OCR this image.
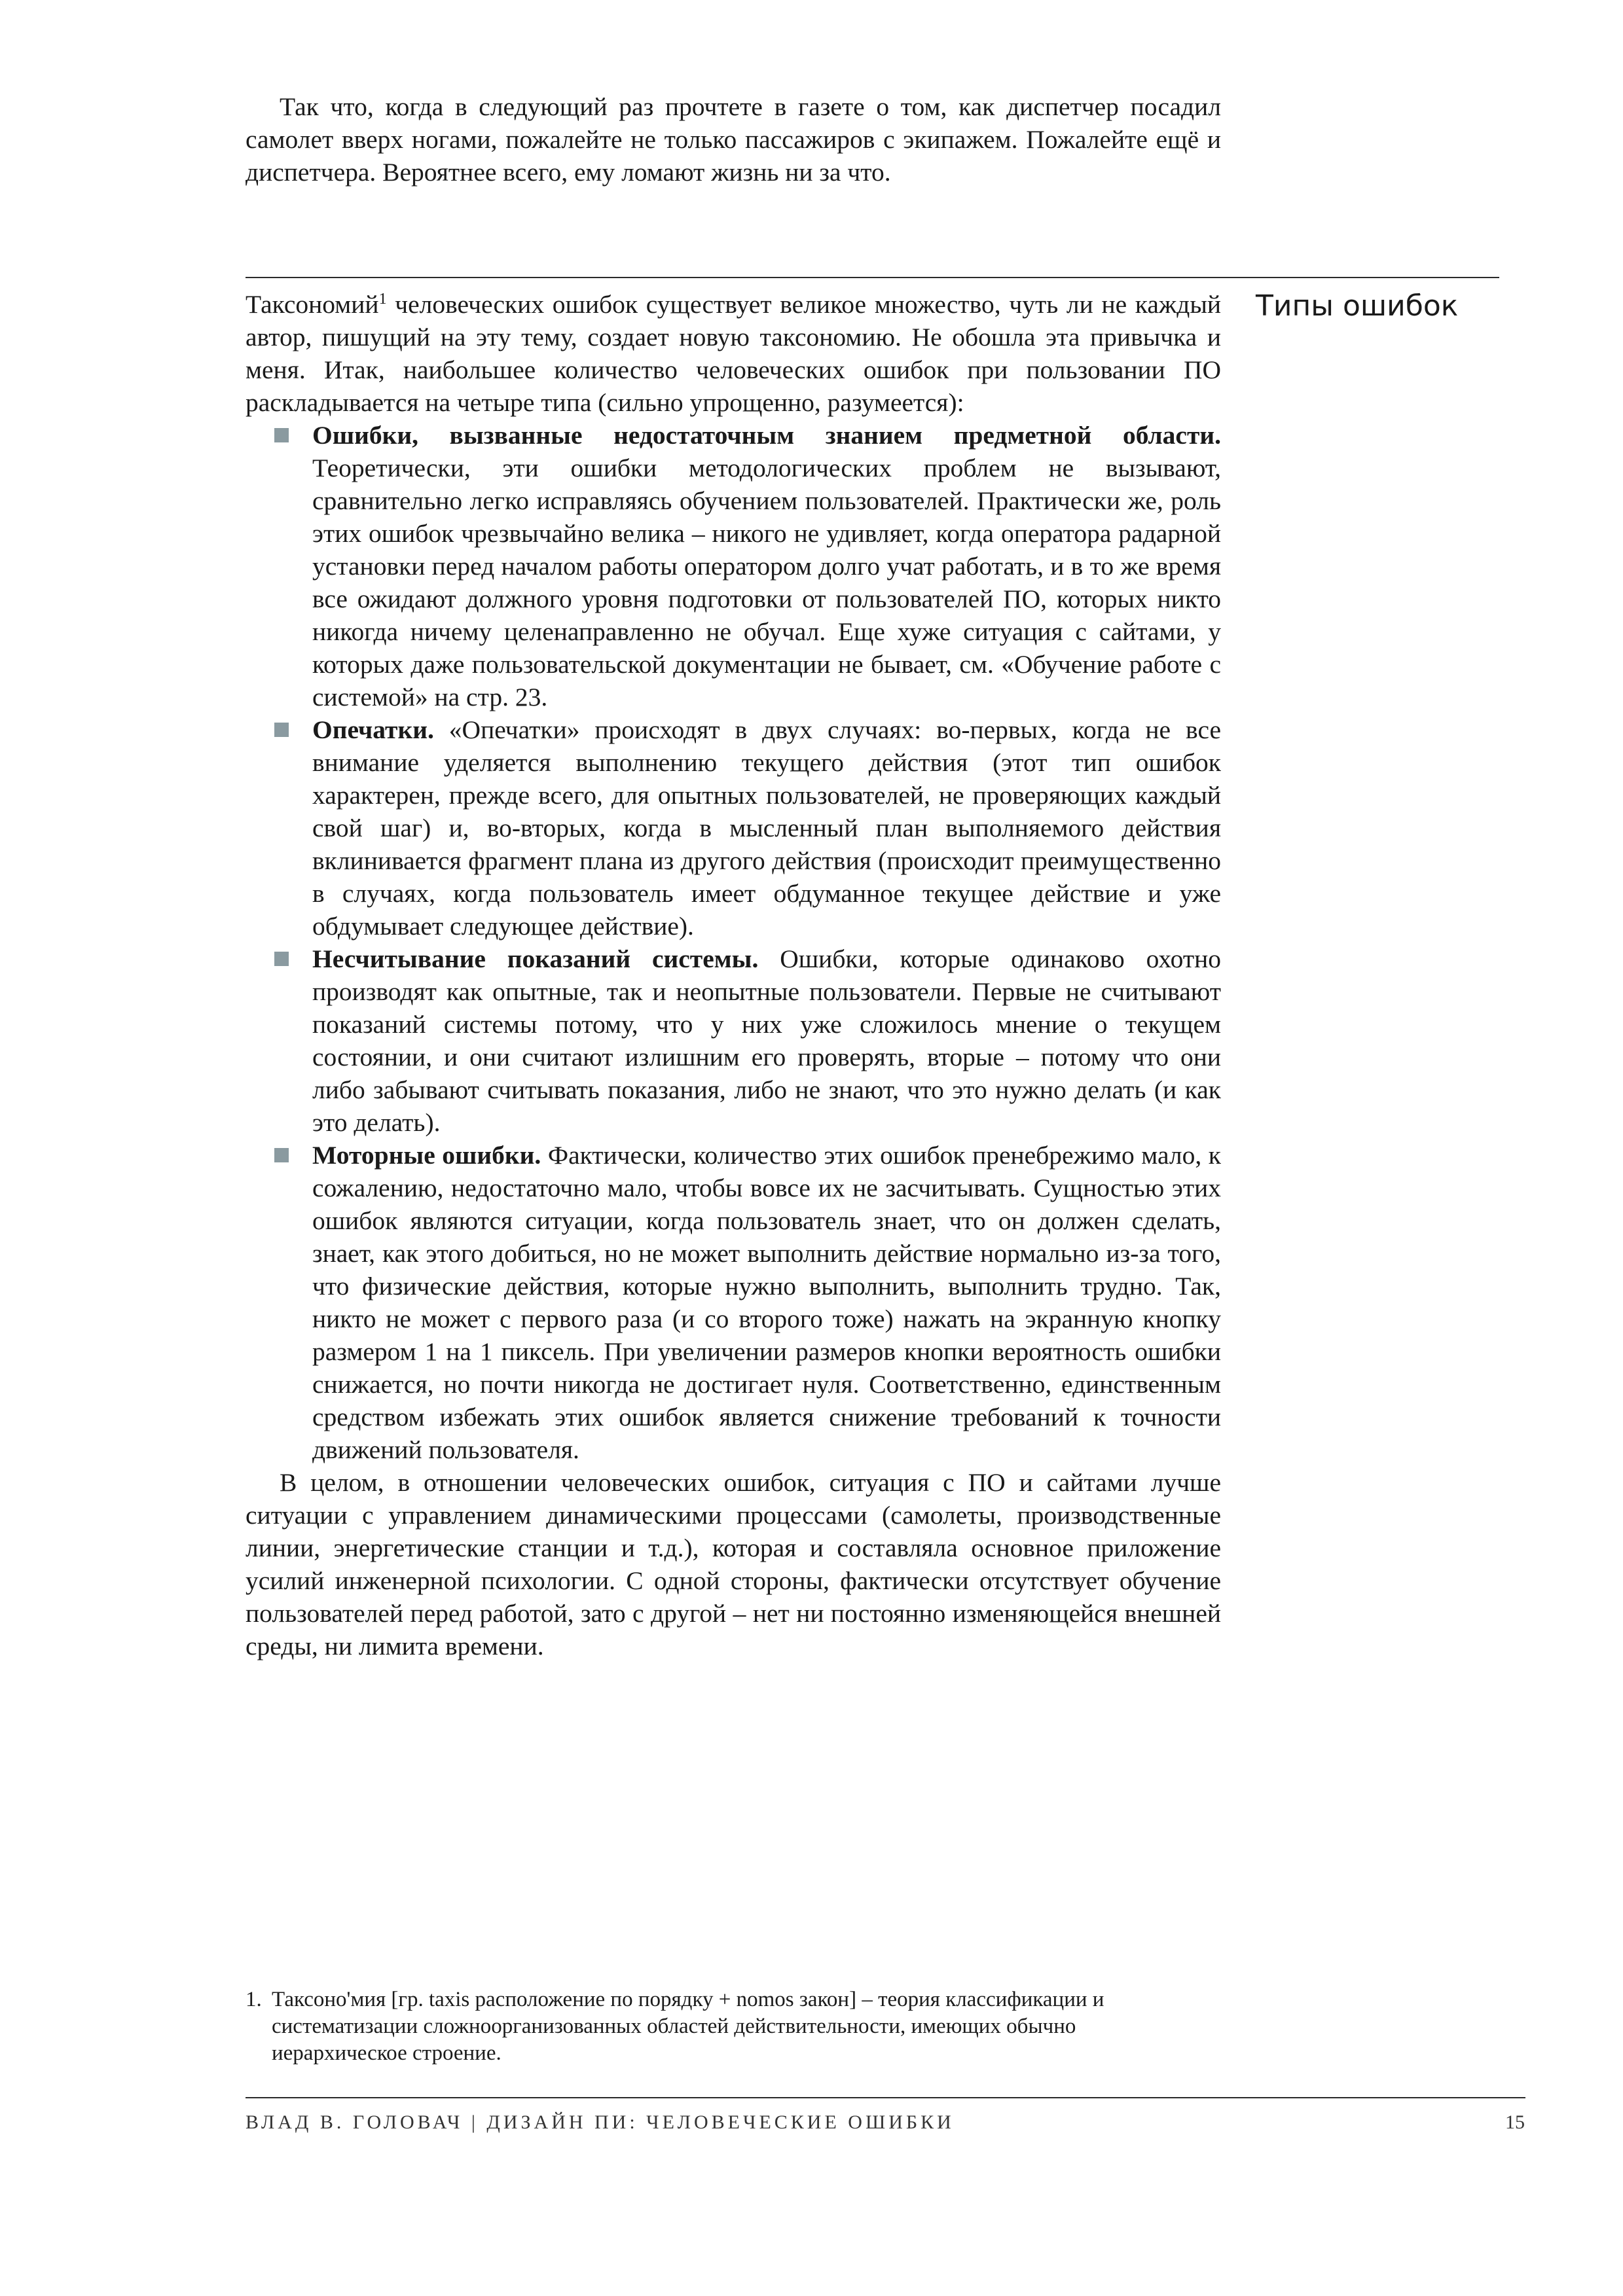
Так что, когда в следующий раз прочтете в газете о том, как диспетчер посадил самолет вверх ногами, пожалейте не только пассажиров с экипажем. Пожалейте ещё и диспетчера. Вероятнее всего, ему ломают жизнь ни за что.

Типы ошибок

Таксономий$^1$ человеческих ошибок существует великое множество, чуть ли не каждый автор, пишущий на эту тему, создает новую таксономию. Не обошла эта привычка и меня. Итак, наибольшее количество человеческих ошибок при пользовании ПО раскладывается на четыре типа (сильно упрощенно, разумеется):

Ошибки, вызванные недостаточным знанием предметной области. Теоретически, эти ошибки методологических проблем не вызывают, сравнительно легко исправляясь обучением пользователей. Практически же, роль этих ошибок чрезвычайно велика – никого не удивляет, когда оператора радарной установки перед началом работы оператором долго учат работать, и в то же время все ожидают должного уровня подготовки от пользователей ПО, которых никто никогда ничему целенаправленно не обучал. Еще хуже ситуация с сайтами, у которых даже пользовательской документации не бывает, см. «Обучение работе с системой» на стр. 23.
Опечатки. «Опечатки» происходят в двух случаях: во-первых, когда не все внимание уделяется выполнению текущего действия (этот тип ошибок характерен, прежде всего, для опытных пользователей, не проверяющих каждый свой шаг) и, во-вторых, когда в мысленный план выполняемого действия вклинивается фрагмент плана из другого действия (происходит преимущественно в случаях, когда пользователь имеет обдуманное текущее действие и уже обдумывает следующее действие).
Несчитывание показаний системы. Ошибки, которые одинаково охотно производят как опытные, так и неопытные пользователи. Первые не считывают показаний системы потому, что у них уже сложилось мнение о текущем состоянии, и они считают излишним его проверять, вторые – потому что они либо забывают считывать показания, либо не знают, что это нужно делать (и как это делать).
Моторные ошибки. Фактически, количество этих ошибок пренебрежимо мало, к сожалению, недостаточно мало, чтобы вовсе их не засчитывать. Сущностью этих ошибок являются ситуации, когда пользователь знает, что он должен сделать, знает, как этого добиться, но не может выполнить действие нормально из-за того, что физические действия, которые нужно выполнить, выполнить трудно. Так, никто не может с первого раза (и со второго тоже) нажать на экранную кнопку размером 1 на 1 пиксель. При увеличении размеров кнопки вероятность ошибки снижается, но почти никогда не достигает нуля. Соответственно, единственным средством избежать этих ошибок является снижение требований к точности движений пользователя.

В целом, в отношении человеческих ошибок, ситуация с ПО и сайтами лучше ситуации с управлением динамическими процессами (самолеты, производственные линии, энергетические станции и т.д.), которая и составляла основное приложение усилий инженерной психологии. С одной стороны, фактически отсутствует обучение пользователей перед работой, зато с другой – нет ни постоянно изменяющейся внешней среды, ни лимита времени.

1. Таксоно'мия [гр. taxis расположение по порядку + nomos закон] – теория классификации и систематизации сложноорганизованных областей действительности, имеющих обычно иерархическое строение.

ВЛАД В. ГОЛОВАЧ | ДИЗАЙН ПИ: ЧЕЛОВЕЧЕСКИЕ ОШИБКИ	15
